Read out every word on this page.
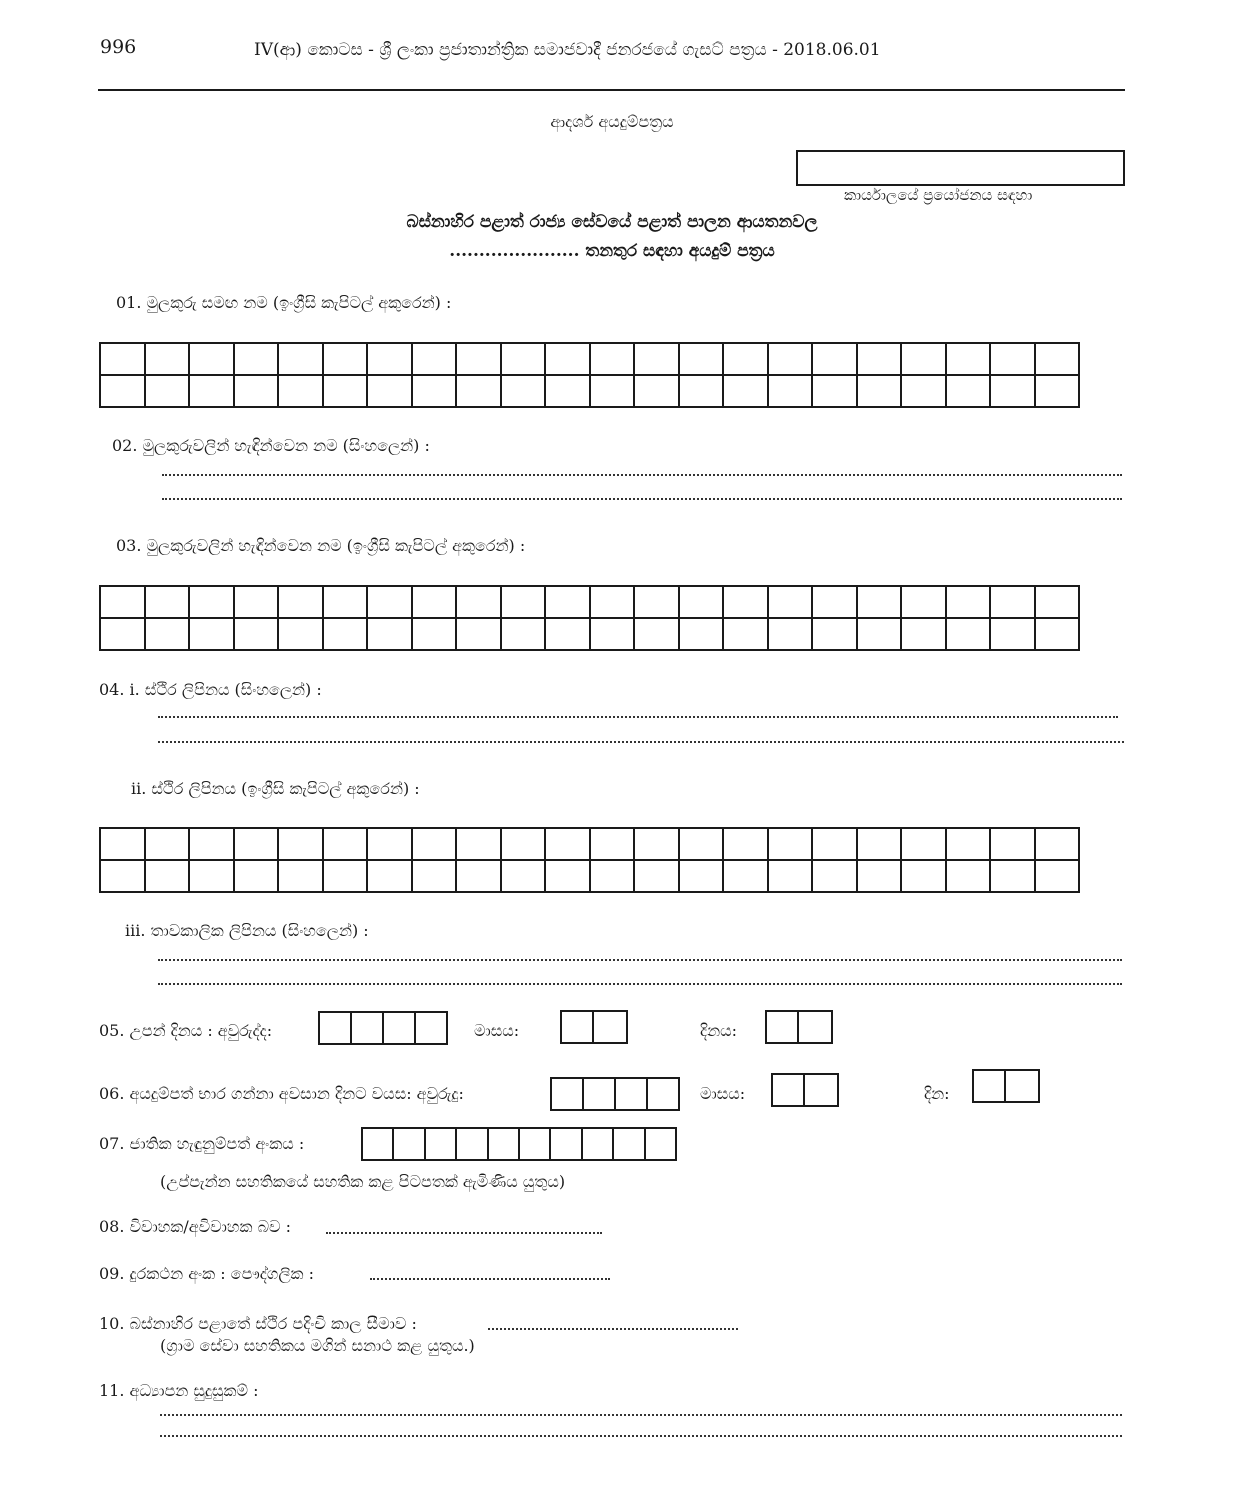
996	IV(ආ) කොටස - ශ්‍රී ලංකා ප්‍රජාතාන්ත්‍රික සමාජවාදී ජනරජයේ ගැසට් පත්‍රය - 2018.06.01
ආදර්ශ අයදුම්පත්‍රය
කාර්යාලයේ ප්‍රයෝජනය සඳහා
බස්නාහිර පළාත් රාජ්‍ය සේවයේ පළාත් පාලන ආයතනවල
...................... තනතුර සඳහා අයදුම් පත්‍රය
01. මුලකුරු සමඟ නම (ඉංග්‍රීසි කැපිටල් අකුරෙන්) :

02. මුලකුරුවලින් හැඳින්වෙන නම (සිංහලෙන්) :
03. මුලකුරුවලින් හැඳින්වෙන නම (ඉංග්‍රීසි කැපිටල් අකුරෙන්) :

04. i. ස්ථිර ලිපිනය (සිංහලෙන්) :
ii. ස්ථිර ලිපිනය (ඉංග්‍රීසි කැපිටල් අකුරෙන්) :

iii. තාවකාලික ලිපිනය (සිංහලෙන්) :
05. උපන් දිනය : අවුරුද්ද:	මාසය:	දිනය:
06. අයදුම්පත් භාර ගන්නා අවසාන දිනට වයස: අවුරුදු:	මාසය:	දින:
07. ජාතික හැඳුනුම්පත් අංකය :
(උප්පැන්න සහතිකයේ සහතික කළ පිටපතක් ඇමිණිය යුතුය)
08. විවාහක/අවිවාහක බව :
09. දුරකථන අංක : පෞද්ගලික :
10. බස්නාහිර පළාතේ ස්ථිර පදිංචි කාල සීමාව :
(ග්‍රාම සේවා සහතිකය මගින් සනාථ කළ යුතුය.)
11. අධ්‍යාපන සුදුසුකම් :
